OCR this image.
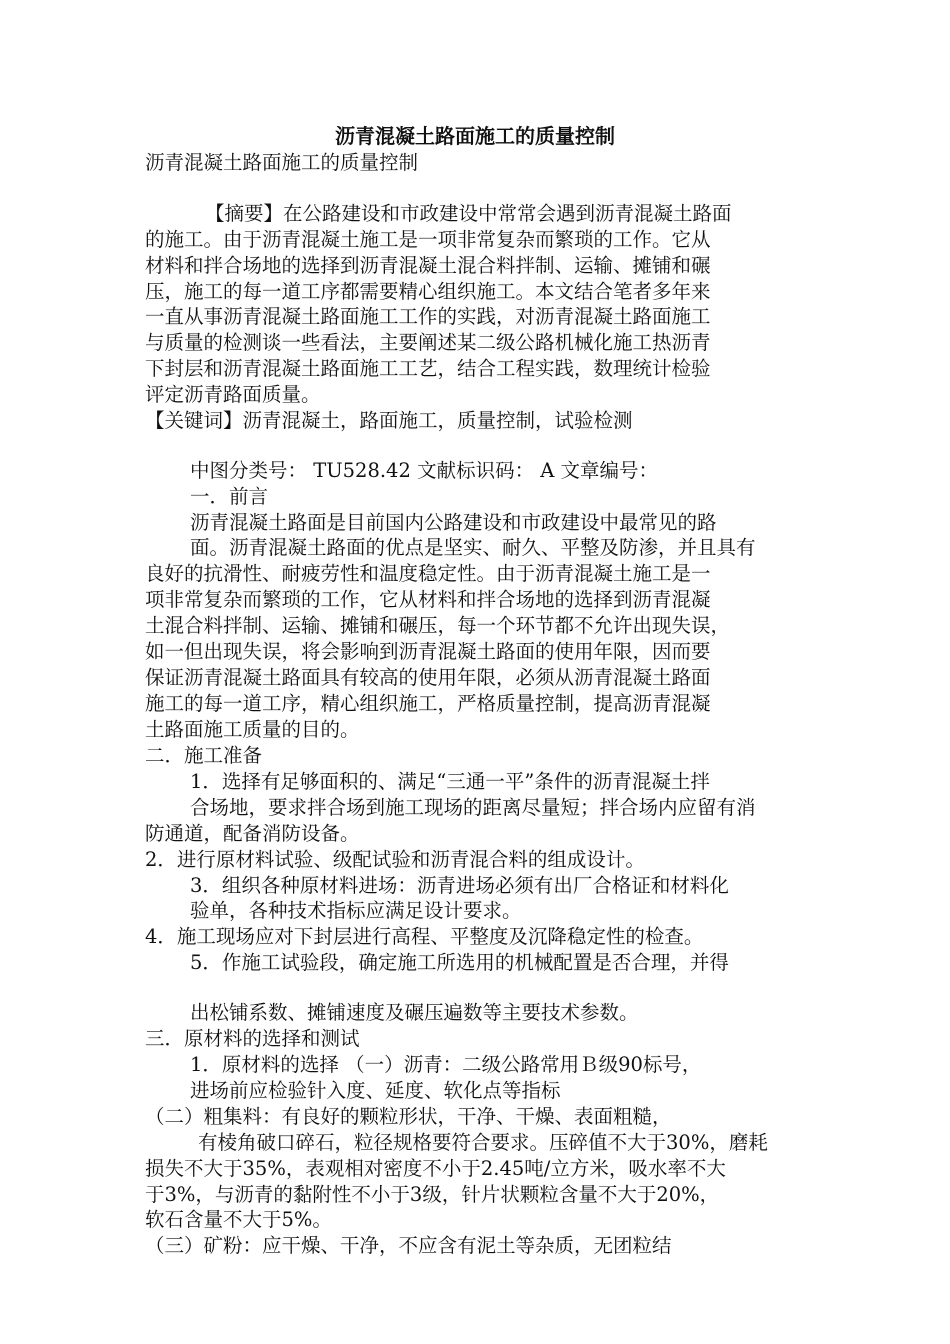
沥青混凝土路面施工的质量控制
沥青混凝土路面施工的质量控制
【摘要】在公路建设和市政建设中常常会遇到沥青混凝土路面
的施工。由于沥青混凝土施工是一项非常复杂而繁琐的工作。它从
材料和拌合场地的选择到沥青混凝土混合料拌制、运输、摊铺和碾
压，施工的每一道工序都需要精心组织施工。本文结合笔者多年来
一直从事沥青混凝土路面施工工作的实践，对沥青混凝土路面施工
与质量的检测谈一些看法，主要阐述某二级公路机械化施工热沥青
下封层和沥青混凝土路面施工工艺，结合工程实践，数理统计检验
评定沥青路面质量。
【关键词】沥青混凝土，路面施工，质量控制，试验检测
中图分类号： TU528.42 文献标识码： A 文章编号：
一．前言
沥青混凝土路面是目前国内公路建设和市政建设中最常见的路
面。沥青混凝土路面的优点是坚实、耐久、平整及防渗，并且具有
良好的抗滑性、耐疲劳性和温度稳定性。由于沥青混凝土施工是一
项非常复杂而繁琐的工作，它从材料和拌合场地的选择到沥青混凝
土混合料拌制、运输、摊铺和碾压，每一个环节都不允许出现失误，
如一但出现失误，将会影响到沥青混凝土路面的使用年限，因而要
保证沥青混凝土路面具有较高的使用年限，必须从沥青混凝土路面
施工的每一道工序，精心组织施工，严格质量控制，提高沥青混凝
土路面施工质量的目的。
二．施工准备
1．选择有足够面积的、满足“三通一平”条件的沥青混凝土拌
合场地，要求拌合场到施工现场的距离尽量短；拌合场内应留有消
防通道，配备消防设备。
2．进行原材料试验、级配试验和沥青混合料的组成设计。
3．组织各种原材料进场：沥青进场必须有出厂合格证和材料化
验单，各种技术指标应满足设计要求。
4．施工现场应对下封层进行高程、平整度及沉降稳定性的检查。
5．作施工试验段，确定施工所选用的机械配置是否合理，并得
出松铺系数、摊铺速度及碾压遍数等主要技术参数。
三．原材料的选择和测试
1．原材料的选择 （一）沥青：二级公路常用Ｂ级90标号，
进场前应检验针入度、延度、软化点等指标
（二）粗集料：有良好的颗粒形状，干净、干燥、表面粗糙，
有棱角破口碎石，粒径规格要符合要求。压碎值不大于30%，磨耗
损失不大于35%，表观相对密度不小于2.45吨/立方米，吸水率不大
于3%，与沥青的黏附性不小于3级，针片状颗粒含量不大于20%，
软石含量不大于5%。
（三）矿粉：应干燥、干净，不应含有泥土等杂质，无团粒结
